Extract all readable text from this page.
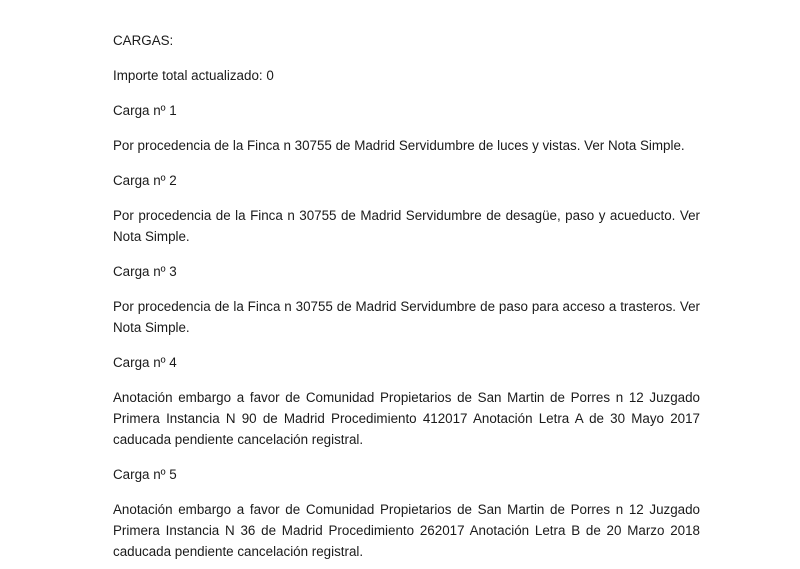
CARGAS:

Importe total actualizado: 0

Carga nº 1

Por procedencia de la Finca n 30755 de Madrid Servidumbre de luces y vistas. Ver Nota Simple.

Carga nº 2

Por procedencia de la Finca n 30755 de Madrid Servidumbre de desagüe, paso y acueducto. Ver Nota Simple.

Carga nº 3

Por procedencia de la Finca n 30755 de Madrid Servidumbre de paso para acceso a trasteros. Ver Nota Simple.

Carga nº 4

Anotación embargo a favor de Comunidad Propietarios de San Martin de Porres n 12 Juzgado Primera Instancia N 90 de Madrid Procedimiento 412017 Anotación Letra A de 30 Mayo 2017 caducada pendiente cancelación registral.

Carga nº 5

Anotación embargo a favor de Comunidad Propietarios de San Martin de Porres n 12 Juzgado Primera Instancia N 36 de Madrid Procedimiento 262017 Anotación Letra B de 20 Marzo 2018 caducada pendiente cancelación registral.
